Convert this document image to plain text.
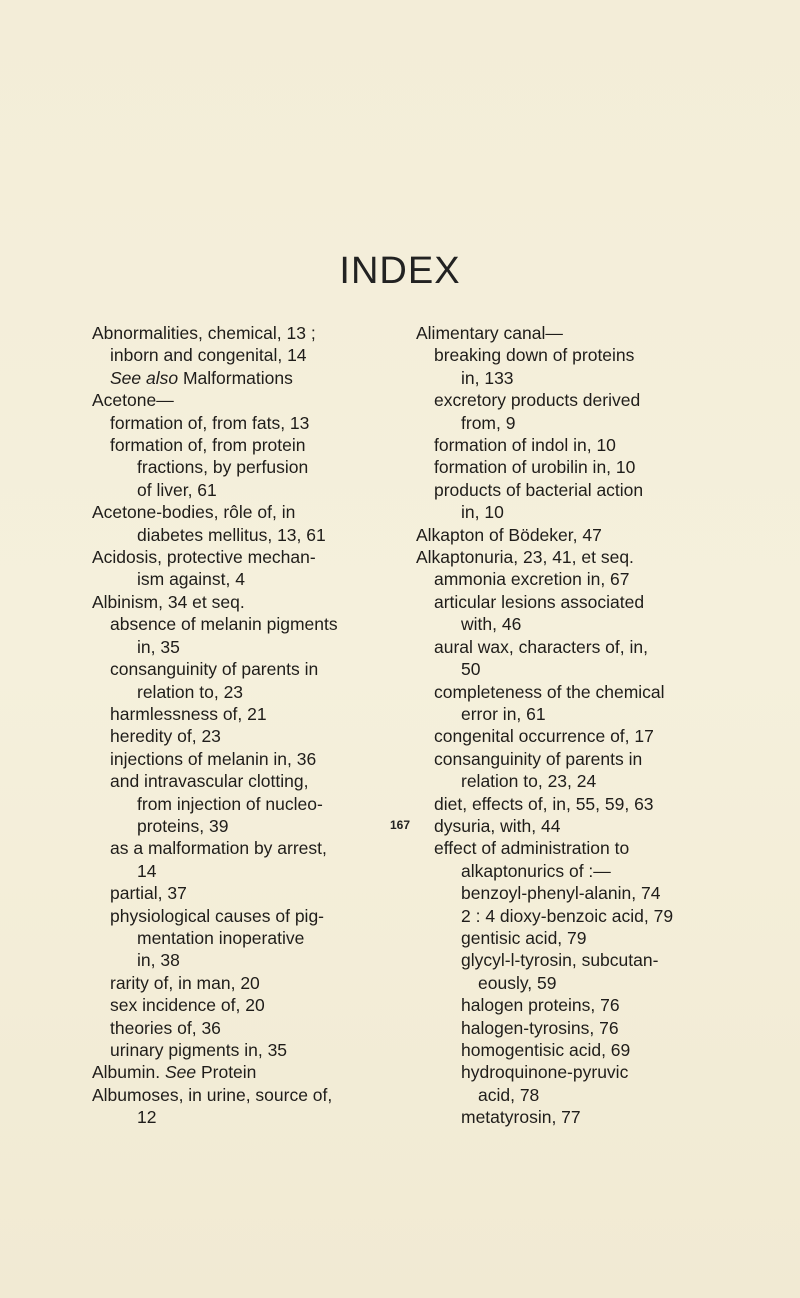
INDEX
Abnormalities, chemical, 13 ;
inborn and congenital, 14
See also Malformations
Acetone—
formation of, from fats, 13
formation of, from protein
fractions, by perfusion
of liver, 61
Acetone-bodies, rôle of, in
diabetes mellitus, 13, 61
Acidosis, protective mechan-
ism against, 4
Albinism, 34 et seq.
absence of melanin pigments
in, 35
consanguinity of parents in
relation to, 23
harmlessness of, 21
heredity of, 23
injections of melanin in, 36
and intravascular clotting,
from injection of nucleo-
proteins, 39
as a malformation by arrest,
14
partial, 37
physiological causes of pig-
mentation inoperative
in, 38
rarity of, in man, 20
sex incidence of, 20
theories of, 36
urinary pigments in, 35
Albumin. See Protein
Albumoses, in urine, source of,
12
Alimentary canal—
breaking down of proteins
in, 133
excretory products derived
from, 9
formation of indol in, 10
formation of urobilin in, 10
products of bacterial action
in, 10
Alkapton of Bödeker, 47
Alkaptonuria, 23, 41, et seq.
ammonia excretion in, 67
articular lesions associated
with, 46
aural wax, characters of, in,
50
completeness of the chemical
error in, 61
congenital occurrence of, 17
consanguinity of parents in
relation to, 23, 24
diet, effects of, in, 55, 59, 63
dysuria, with, 44
effect of administration to
alkaptonurics of :—
benzoyl-phenyl-alanin, 74
2 : 4 dioxy-benzoic acid, 79
gentisic acid, 79
glycyl-l-tyrosin, subcutan-
eously, 59
halogen proteins, 76
halogen-tyrosins, 76
homogentisic acid, 69
hydroquinone-pyruvic
acid, 78
metatyrosin, 77
167
